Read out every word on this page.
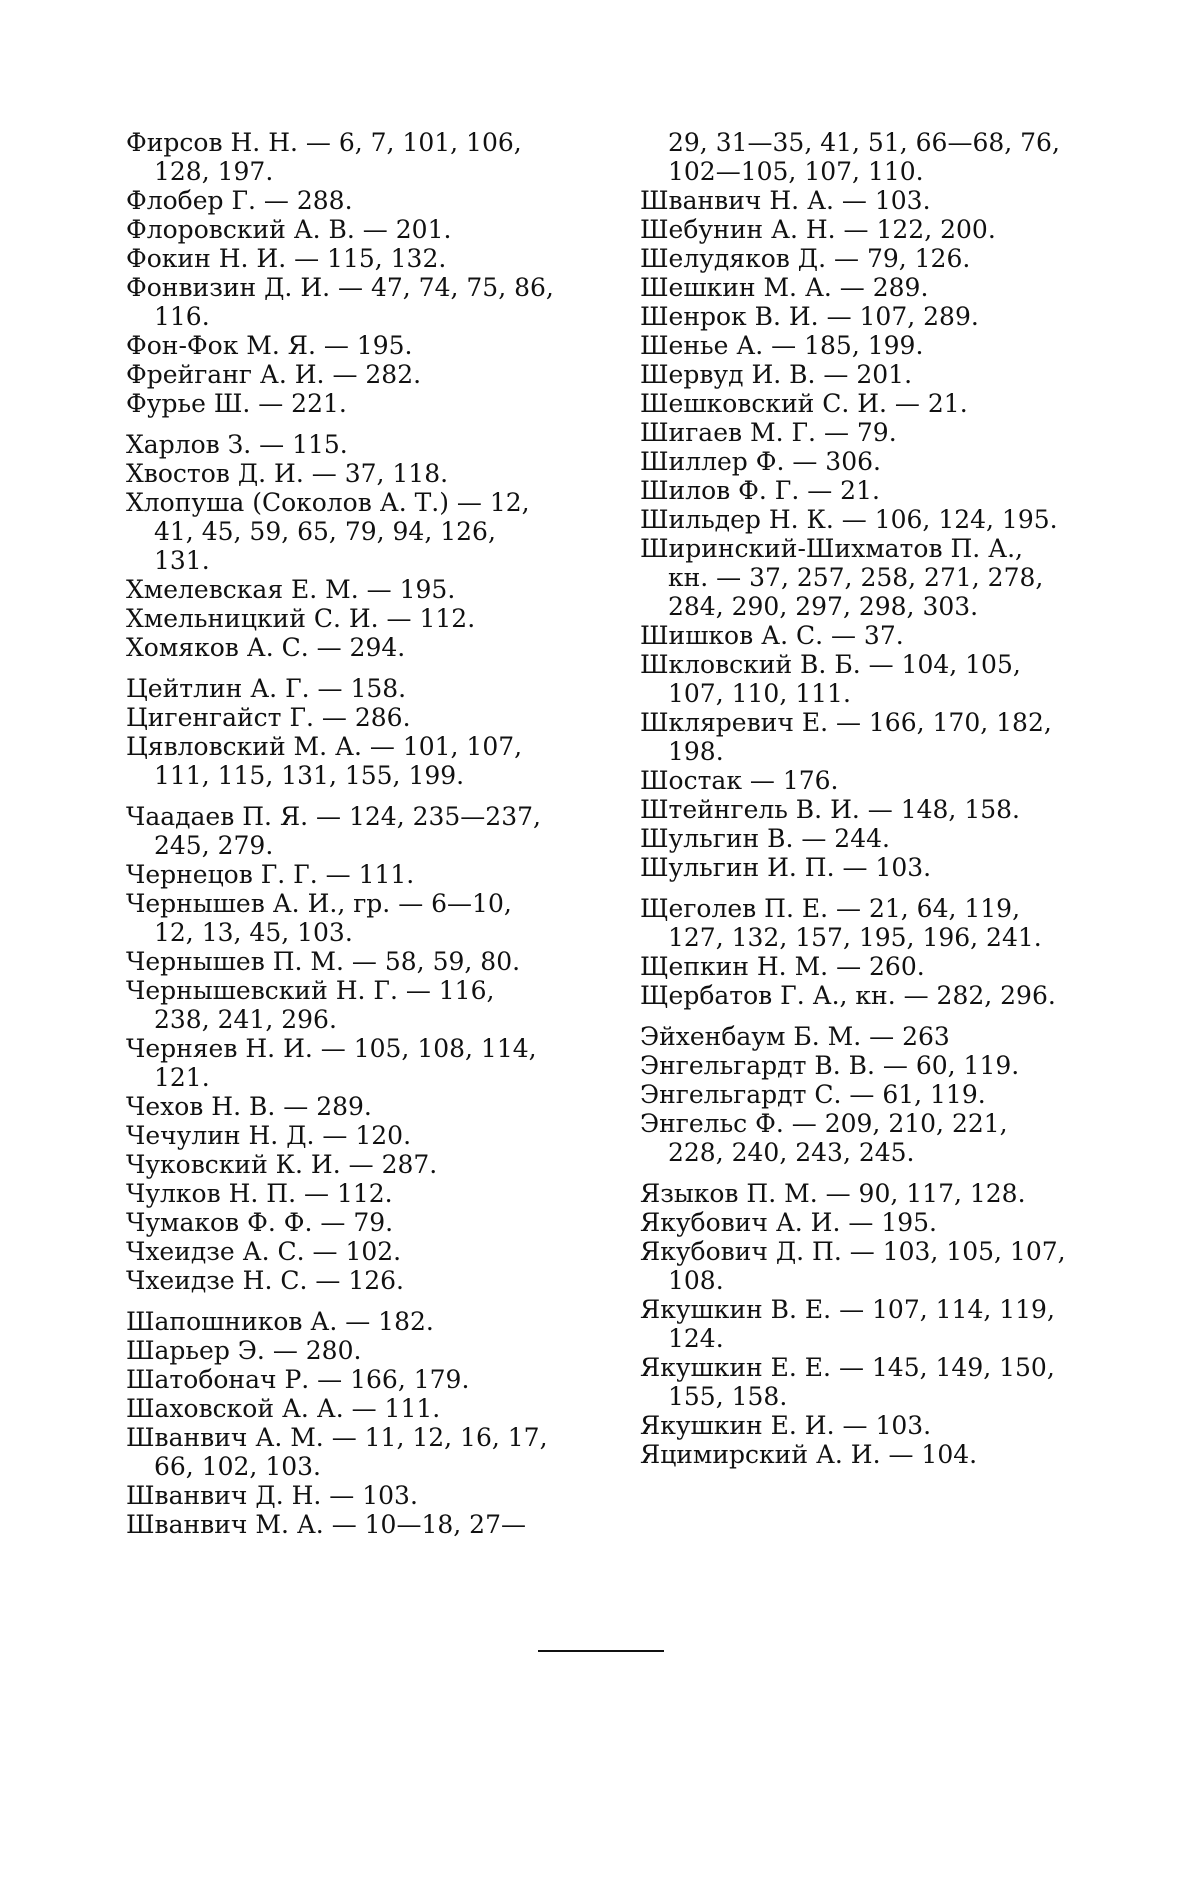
Фирсов Н. Н. — 6, 7, 101, 106, 128, 197.

Флобер Г. — 288.

Флоровский А. В. — 201.

Фокин Н. И. — 115, 132.

Фонвизин Д. И. — 47, 74, 75, 86, 116.

Фон-Фок М. Я. — 195.

Фрейганг А. И. — 282.

Фурье Ш. — 221.

Харлов З. — 115.

Хвостов Д. И. — 37, 118.

Хлопуша (Соколов А. Т.) — 12, 41, 45, 59, 65, 79, 94, 126, 131.

Хмелевская Е. М. — 195.

Хмельницкий С. И. — 112.

Хомяков А. С. — 294.

Цейтлин А. Г. — 158.

Цигенгайст Г. — 286.

Цявловский М. А. — 101, 107, 111, 115, 131, 155, 199.

Чаадаев П. Я. — 124, 235—237, 245, 279.

Чернецов Г. Г. — 111.

Чернышев А. И., гр. — 6—10, 12, 13, 45, 103.

Чернышев П. М. — 58, 59, 80.

Чернышевский Н. Г. — 116, 238, 241, 296.

Черняев Н. И. — 105, 108, 114, 121.

Чехов Н. В. — 289.

Чечулин Н. Д. — 120.

Чуковский К. И. — 287.

Чулков Н. П. — 112.

Чумаков Ф. Ф. — 79.

Чхеидзе А. С. — 102.

Чхеидзе Н. С. — 126.

Шапошников А. — 182.

Шарьер Э. — 280.

Шатобонач Р. — 166, 179.

Шаховской А. А. — 111.

Шванвич А. М. — 11, 12, 16, 17, 66, 102, 103.

Шванвич Д. Н. — 103.

Шванвич М. А. — 10—18, 27—

29, 31—35, 41, 51, 66—68, 76, 102—105, 107, 110.

Шванвич Н. А. — 103.

Шебунин А. Н. — 122, 200.

Шелудяков Д. — 79, 126.

Шешкин М. А. — 289.

Шенрок В. И. — 107, 289.

Шенье А. — 185, 199.

Шервуд И. В. — 201.

Шешковский С. И. — 21.

Шигаев М. Г. — 79.

Шиллер Ф. — 306.

Шилов Ф. Г. — 21.

Шильдер Н. К. — 106, 124, 195.

Ширинский-Шихматов П. А., кн. — 37, 257, 258, 271, 278, 284, 290, 297, 298, 303.

Шишков А. С. — 37.

Шкловский В. Б. — 104, 105, 107, 110, 111.

Шкляревич Е. — 166, 170, 182, 198.

Шостак — 176.

Штейнгель В. И. — 148, 158.

Шульгин В. — 244.

Шульгин И. П. — 103.

Щеголев П. Е. — 21, 64, 119, 127, 132, 157, 195, 196, 241.

Щепкин Н. М. — 260.

Щербатов Г. А., кн. — 282, 296.

Эйхенбаум Б. М. — 263

Энгельгардт В. В. — 60, 119.

Энгельгардт С. — 61, 119.

Энгельс Ф. — 209, 210, 221, 228, 240, 243, 245.

Языков П. М. — 90, 117, 128.

Якубович А. И. — 195.

Якубович Д. П. — 103, 105, 107, 108.

Якушкин В. Е. — 107, 114, 119, 124.

Якушкин Е. Е. — 145, 149, 150, 155, 158.

Якушкин Е. И. — 103.

Яцимирский А. И. — 104.
